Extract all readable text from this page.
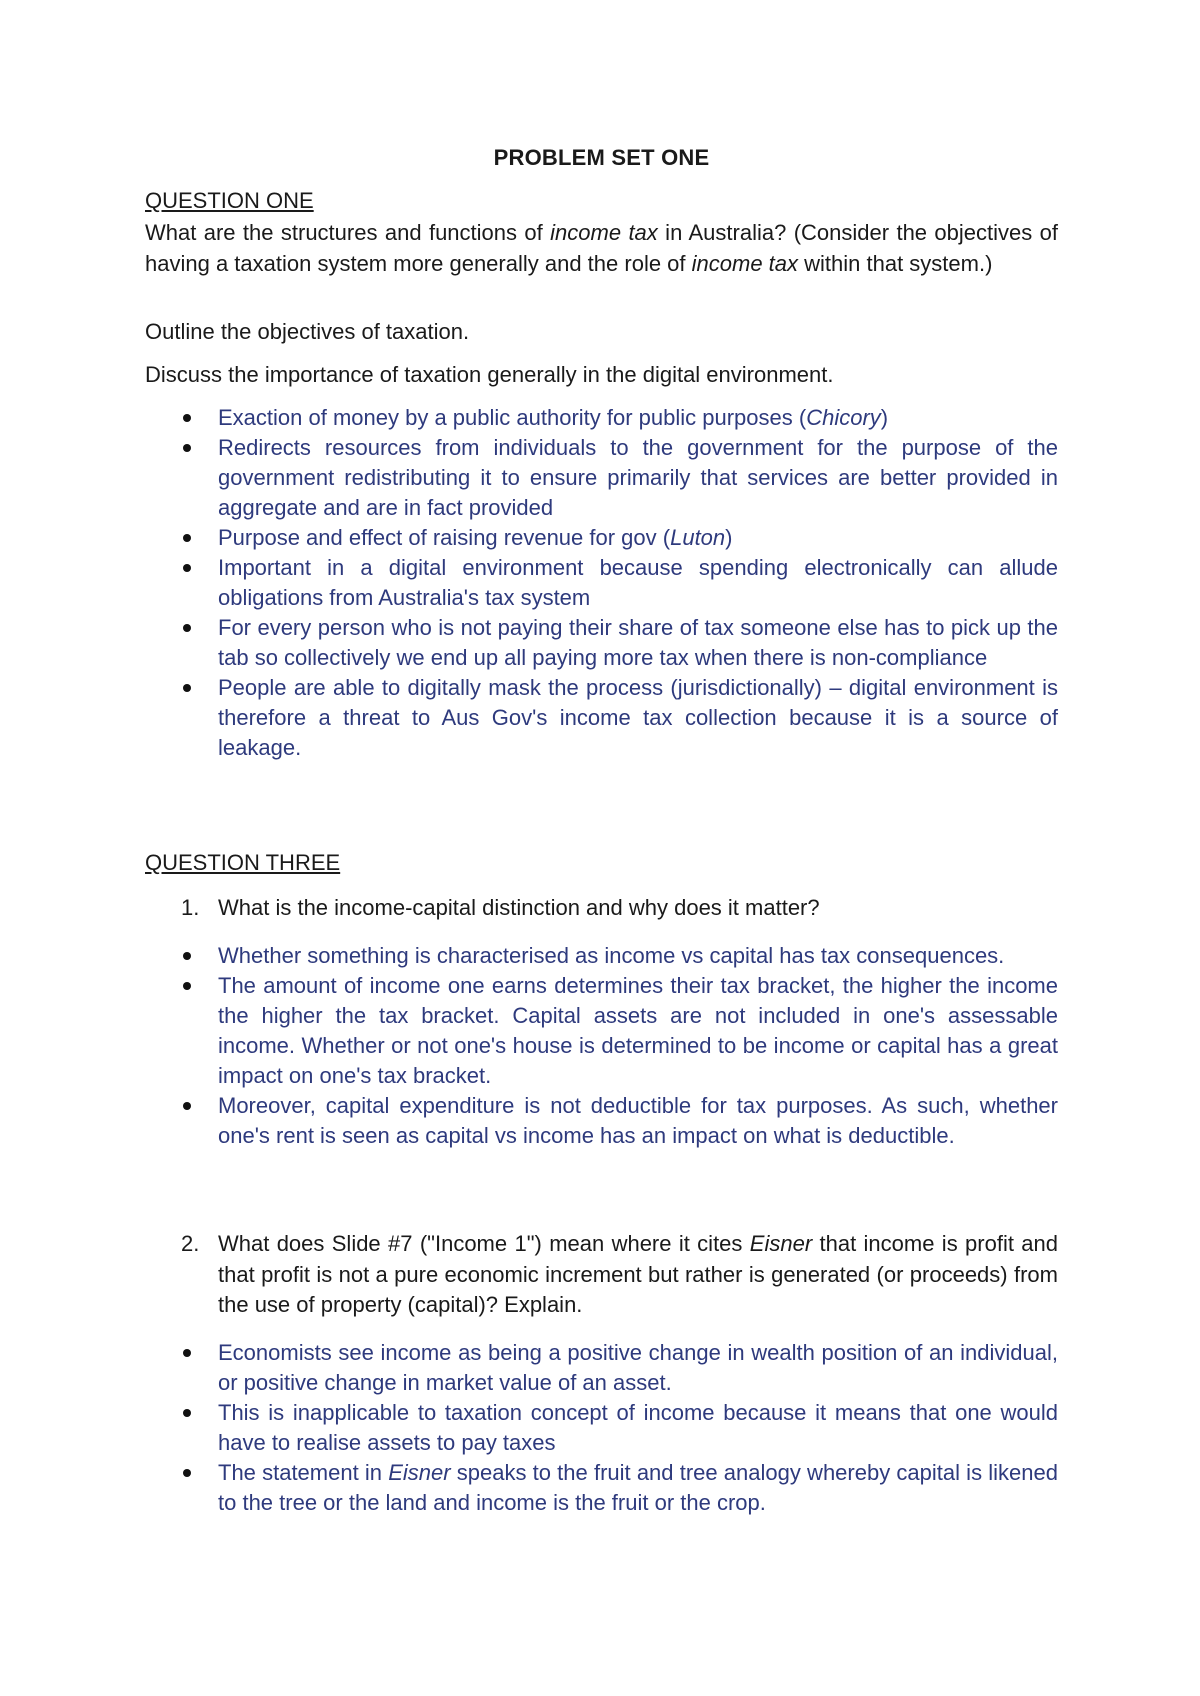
PROBLEM SET ONE
QUESTION ONE
What are the structures and functions of income tax in Australia? (Consider the objectives of having a taxation system more generally and the role of income tax within that system.)
Outline the objectives of taxation.
Discuss the importance of taxation generally in the digital environment.
Exaction of money by a public authority for public purposes (Chicory)
Redirects resources from individuals to the government for the purpose of the government redistributing it to ensure primarily that services are better provided in aggregate and are in fact provided
Purpose and effect of raising revenue for gov (Luton)
Important in a digital environment because spending electronically can allude obligations from Australia's tax system
For every person who is not paying their share of tax someone else has to pick up the tab so collectively we end up all paying more tax when there is non-compliance
People are able to digitally mask the process (jurisdictionally) – digital environment is therefore a threat to Aus Gov's income tax collection because it is a source of leakage.
QUESTION THREE
1. What is the income-capital distinction and why does it matter?
Whether something is characterised as income vs capital has tax consequences.
The amount of income one earns determines their tax bracket, the higher the income the higher the tax bracket. Capital assets are not included in one's assessable income. Whether or not one's house is determined to be income or capital has a great impact on one's tax bracket.
Moreover, capital expenditure is not deductible for tax purposes. As such, whether one's rent is seen as capital vs income has an impact on what is deductible.
2. What does Slide #7 ("Income 1") mean where it cites Eisner that income is profit and that profit is not a pure economic increment but rather is generated (or proceeds) from the use of property (capital)? Explain.
Economists see income as being a positive change in wealth position of an individual, or positive change in market value of an asset.
This is inapplicable to taxation concept of income because it means that one would have to realise assets to pay taxes
The statement in Eisner speaks to the fruit and tree analogy whereby capital is likened to the tree or the land and income is the fruit or the crop.
